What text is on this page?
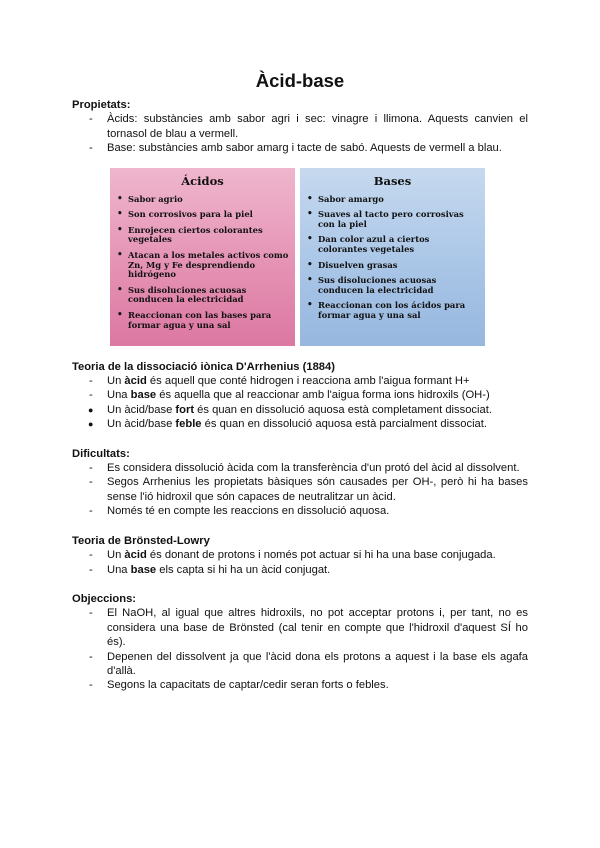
Àcid-base

Propietats:

-	Àcids: substàncies amb sabor agri i sec: vinagre i llimona. Aquests canvien el tornasol de blau a vermell.
-	Base: substàncies amb sabor amarg i tacte de sabó. Aquests de vermell a blau.
Ácidos
• Sabor agrio
• Son corrosivos para la piel
• Enrojecen ciertos colorantes vegetales
• Atacan a los metales activos como Zn, Mg y Fe desprendiendo hidrógeno
• Sus disoluciones acuosas conducen la electricidad
• Reaccionan con las bases para formar agua y una sal
Bases
• Sabor amargo
• Suaves al tacto pero corrosivas con la piel
• Dan color azul a ciertos colorantes vegetales
• Disuelven grasas
• Sus disoluciones acuosas conducen la electricidad
• Reaccionan con los ácidos para formar agua y una sal

Teoria de la dissociació iònica D'Arrhenius (1884)

-	Un àcid és aquell que conté hidrogen i reacciona amb l'aigua formant H+
-	Una base és aquella que al reaccionar amb l'aigua forma ions hidroxils (OH-)
●	Un àcid/base fort és quan en dissolució aquosa està completament dissociat.
●	Un àcid/base feble és quan en dissolució aquosa està parcialment dissociat.

Dificultats:

-	Es considera dissolució àcida com la transferència d'un protó del àcid al dissolvent.
-	Segos Arrhenius les propietats bàsiques són causades per OH-, però hi ha bases sense l'ió hidroxil que són capaces de neutralitzar un àcid.
-	Només té en compte les reaccions en dissolució aquosa.

Teoria de Brönsted-Lowry

-	Un àcid és donant de protons i només pot actuar si hi ha una base conjugada.
-	Una base els capta si hi ha un àcid conjugat.

Objeccions:

-	El NaOH, al igual que altres hidroxils, no pot acceptar protons i, per tant, no es considera una base de Brönsted (cal tenir en compte que l'hidroxil d'aquest SÍ ho és).
-	Depenen del dissolvent ja que l'àcid dona els protons a aquest i la base els agafa d'allà.
-	Segons la capacitats de captar/cedir seran forts o febles.
